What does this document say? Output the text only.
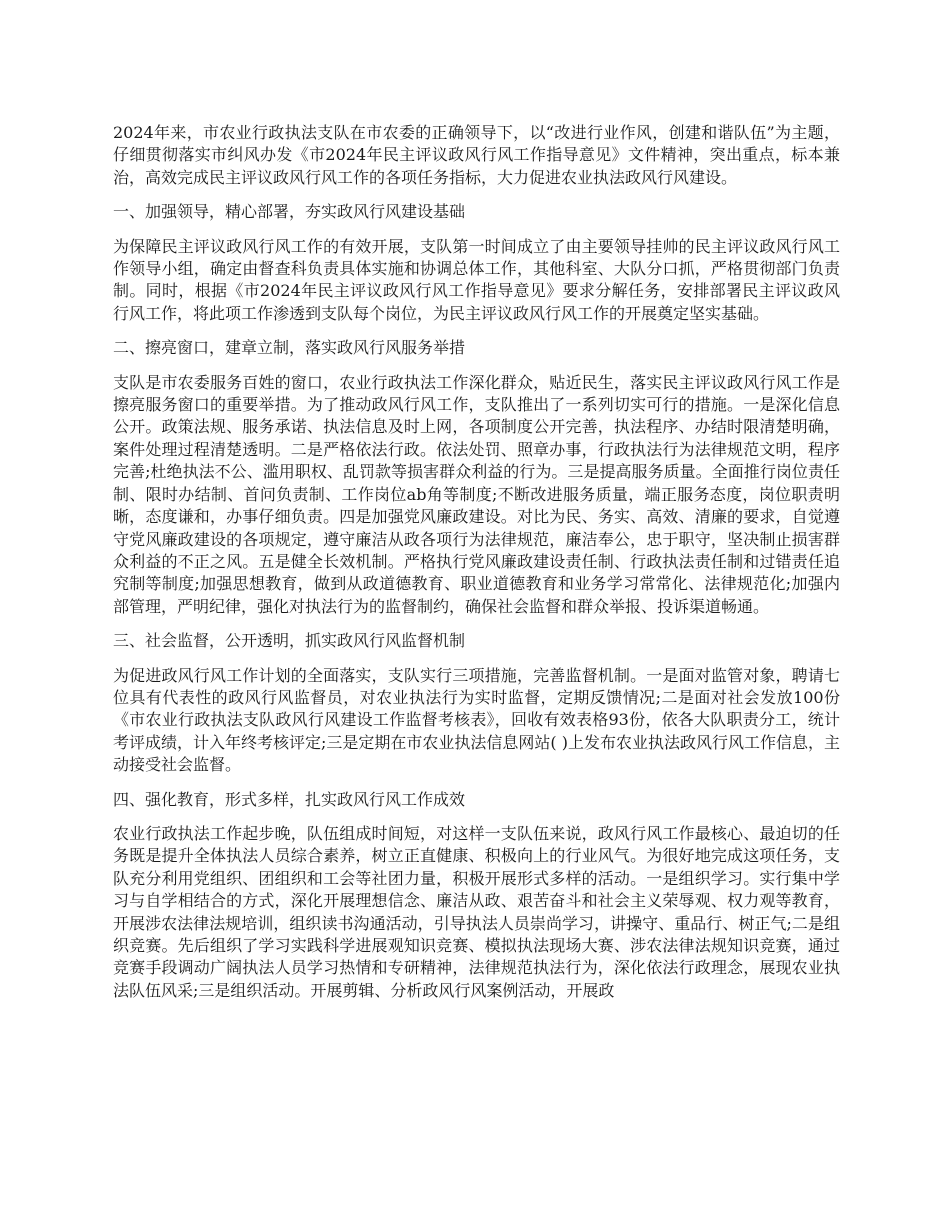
2024年来，市农业行政执法支队在市农委的正确领导下，以“改进行业作风，创建和谐队伍”为主题，仔细贯彻落实市纠风办发《市2024年民主评议政风行风工作指导意见》文件精神，突出重点，标本兼治，高效完成民主评议政风行风工作的各项任务指标，大力促进农业执法政风行风建设。

一、加强领导，精心部署，夯实政风行风建设基础

为保障民主评议政风行风工作的有效开展，支队第一时间成立了由主要领导挂帅的民主评议政风行风工作领导小组，确定由督查科负责具体实施和协调总体工作，其他科室、大队分口抓，严格贯彻部门负责制。同时，根据《市2024年民主评议政风行风工作指导意见》要求分解任务，安排部署民主评议政风行风工作，将此项工作渗透到支队每个岗位，为民主评议政风行风工作的开展奠定坚实基础。

二、擦亮窗口，建章立制，落实政风行风服务举措

支队是市农委服务百姓的窗口，农业行政执法工作深化群众，贴近民生，落实民主评议政风行风工作是擦亮服务窗口的重要举措。为了推动政风行风工作，支队推出了一系列切实可行的措施。一是深化信息公开。政策法规、服务承诺、执法信息及时上网，各项制度公开完善，执法程序、办结时限清楚明确，案件处理过程清楚透明。二是严格依法行政。依法处罚、照章办事，行政执法行为法律规范文明，程序完善;杜绝执法不公、滥用职权、乱罚款等损害群众利益的行为。三是提高服务质量。全面推行岗位责任制、限时办结制、首问负责制、工作岗位ab角等制度;不断改进服务质量，端正服务态度，岗位职责明晰，态度谦和，办事仔细负责。四是加强党风廉政建设。对比为民、务实、高效、清廉的要求，自觉遵守党风廉政建设的各项规定，遵守廉洁从政各项行为法律规范，廉洁奉公，忠于职守，坚决制止损害群众利益的不正之风。五是健全长效机制。严格执行党风廉政建设责任制、行政执法责任制和过错责任追究制等制度;加强思想教育，做到从政道德教育、职业道德教育和业务学习常常化、法律规范化;加强内部管理，严明纪律，强化对执法行为的监督制约，确保社会监督和群众举报、投诉渠道畅通。

三、社会监督，公开透明，抓实政风行风监督机制

为促进政风行风工作计划的全面落实，支队实行三项措施，完善监督机制。一是面对监管对象，聘请七位具有代表性的政风行风监督员，对农业执法行为实时监督，定期反馈情况;二是面对社会发放100份《市农业行政执法支队政风行风建设工作监督考核表》，回收有效表格93份，依各大队职责分工，统计考评成绩，计入年终考核评定;三是定期在市农业执法信息网站( )上发布农业执法政风行风工作信息，主动接受社会监督。

四、强化教育，形式多样，扎实政风行风工作成效

农业行政执法工作起步晚，队伍组成时间短，对这样一支队伍来说，政风行风工作最核心、最迫切的任务既是提升全体执法人员综合素养，树立正直健康、积极向上的行业风气。为很好地完成这项任务，支队充分利用党组织、团组织和工会等社团力量，积极开展形式多样的活动。一是组织学习。实行集中学习与自学相结合的方式，深化开展理想信念、廉洁从政、艰苦奋斗和社会主义荣辱观、权力观等教育，开展涉农法律法规培训，组织读书沟通活动，引导执法人员崇尚学习，讲操守、重品行、树正气;二是组织竞赛。先后组织了学习实践科学进展观知识竞赛、模拟执法现场大赛、涉农法律法规知识竞赛，通过竞赛手段调动广阔执法人员学习热情和专研精神，法律规范执法行为，深化依法行政理念，展现农业执法队伍风采;三是组织活动。开展剪辑、分析政风行风案例活动，开展政
